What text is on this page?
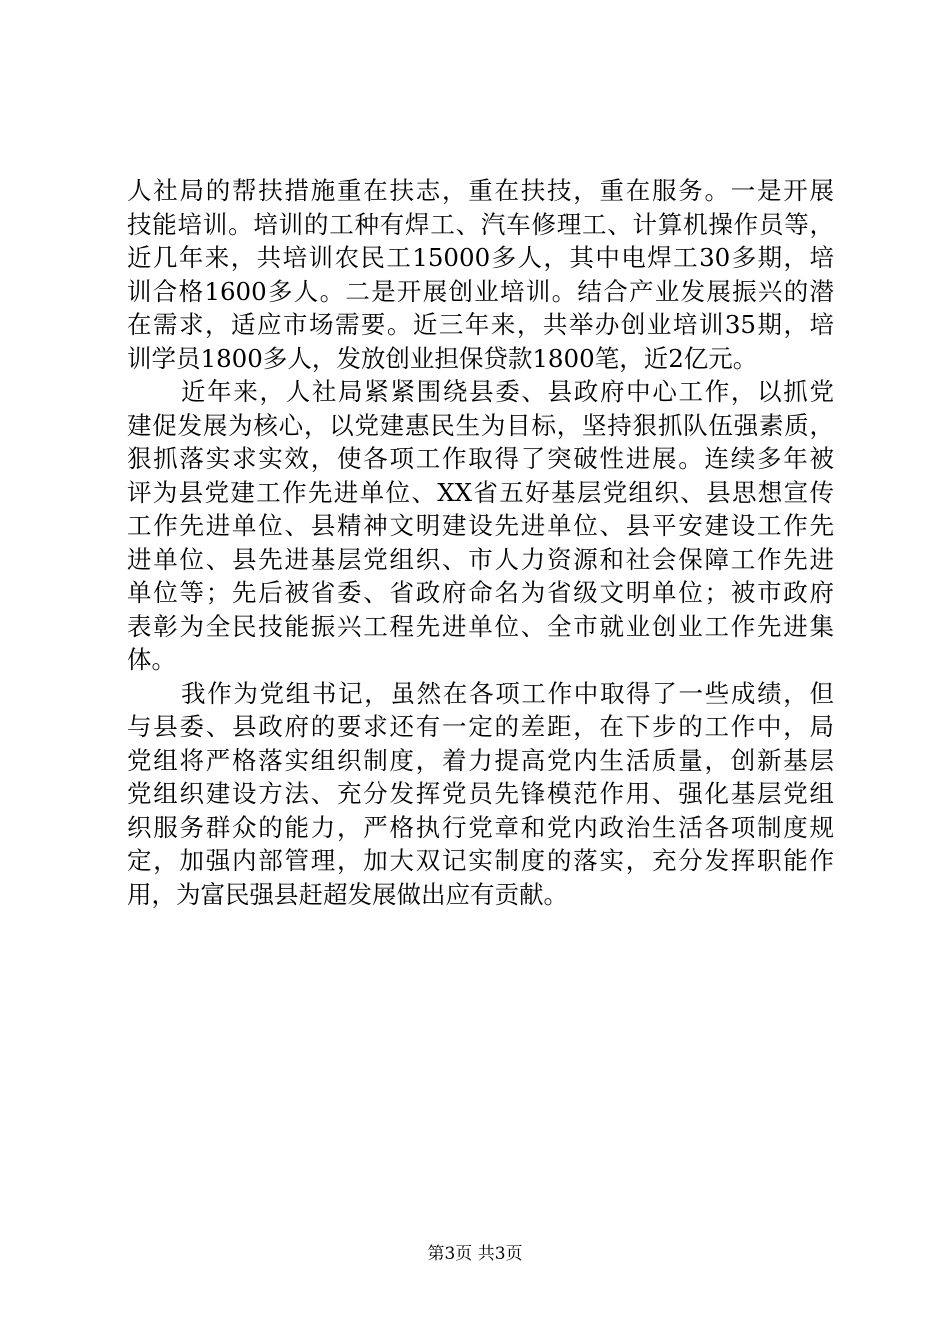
人社局的帮扶措施重在扶志，重在扶技，重在服务。一是开展
技能培训。培训的工种有焊工、汽车修理工、计算机操作员等，
近几年来，共培训农民工15000多人，其中电焊工30多期，培
训合格1600多人。二是开展创业培训。结合产业发展振兴的潜
在需求，适应市场需要。近三年来，共举办创业培训35期，培
训学员1800多人，发放创业担保贷款1800笔，近2亿元。
近年来，人社局紧紧围绕县委、县政府中心工作，以抓党
建促发展为核心，以党建惠民生为目标，坚持狠抓队伍强素质，
狠抓落实求实效，使各项工作取得了突破性进展。连续多年被
评为县党建工作先进单位、XX省五好基层党组织、县思想宣传
工作先进单位、县精神文明建设先进单位、县平安建设工作先
进单位、县先进基层党组织、市人力资源和社会保障工作先进
单位等；先后被省委、省政府命名为省级文明单位；被市政府
表彰为全民技能振兴工程先进单位、全市就业创业工作先进集
体。
我作为党组书记，虽然在各项工作中取得了一些成绩，但
与县委、县政府的要求还有一定的差距，在下步的工作中，局
党组将严格落实组织制度，着力提高党内生活质量，创新基层
党组织建设方法、充分发挥党员先锋模范作用、强化基层党组
织服务群众的能力，严格执行党章和党内政治生活各项制度规
定，加强内部管理，加大双记实制度的落实，充分发挥职能作
用，为富民强县赶超发展做出应有贡献。
第3页 共3页
